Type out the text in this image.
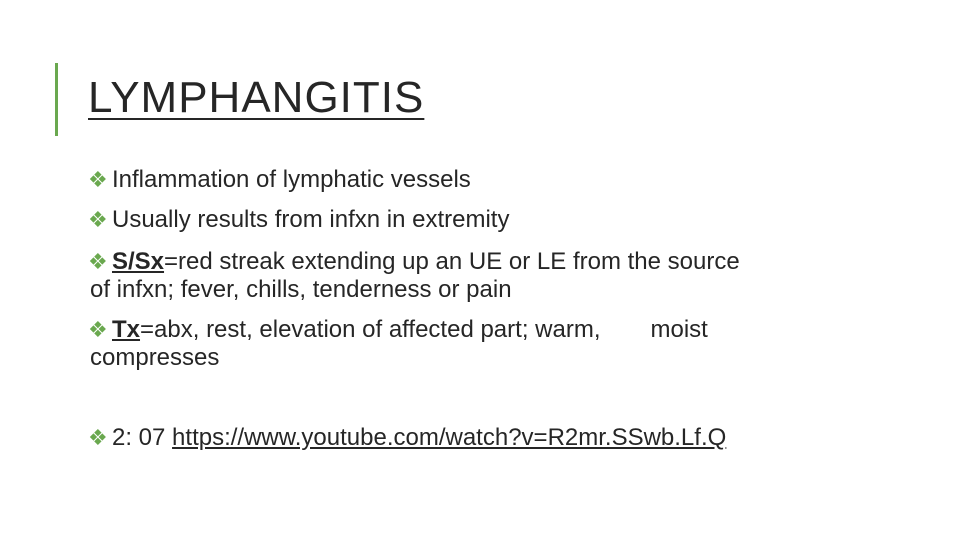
LYMPHANGITIS
❖ Inflammation of lymphatic vessels
❖ Usually results from infxn in extremity
❖ S/Sx=red streak extending up an UE or LE from the source
of infxn; fever, chills, tenderness or pain
❖ Tx=abx, rest, elevation of affected part; warm, moist
compresses
❖ 2: 07 https://www.youtube.com/watch?v=R2mr.SSwb.Lf.Q
